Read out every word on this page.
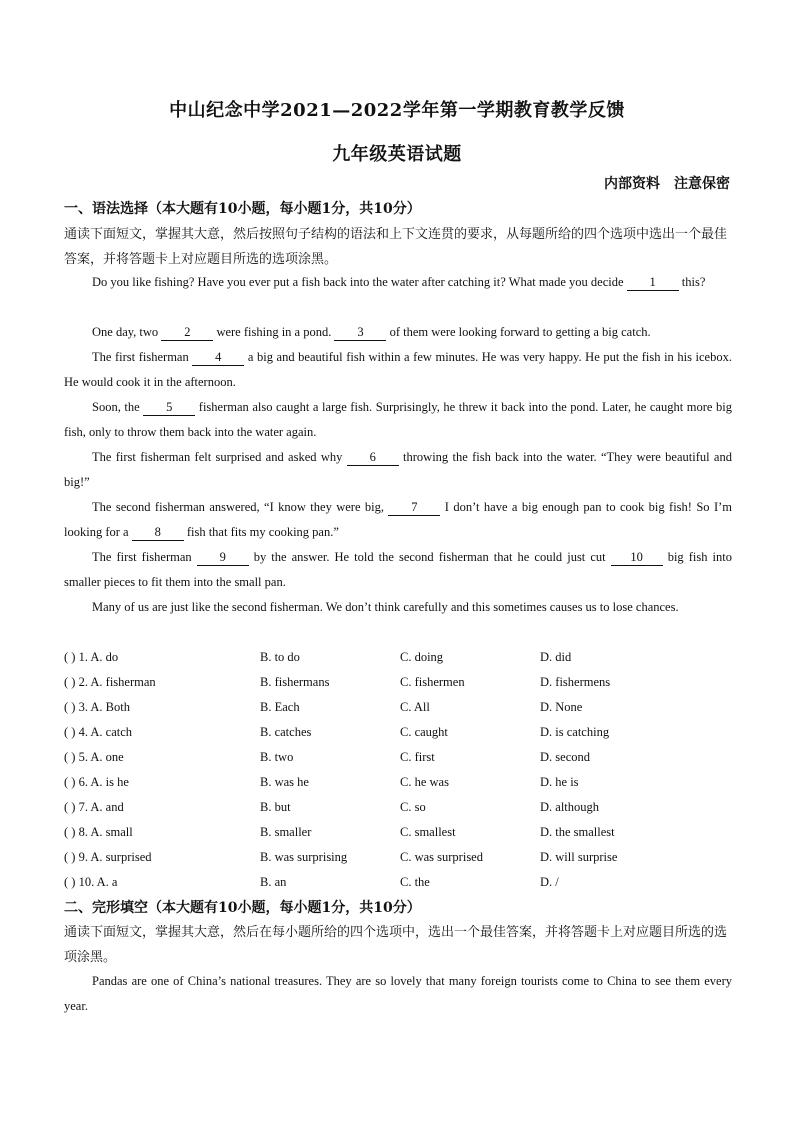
中山纪念中学2021—2022学年第一学期教育教学反馈
九年级英语试题
内部资料 注意保密
一、语法选择（本大题有10小题，每小题1分，共10分）
通读下面短文，掌握其大意，然后按照句子结构的语法和上下文连贯的要求，从每题所给的四个选项中选出一个最佳答案，并将答题卡上对应题目所选的选项涂黑。
Do you like fishing? Have you ever put a fish back into the water after catching it? What made you decide 1 this?
One day, two 2 were fishing in a pond. 3 of them were looking forward to getting a big catch.
The first fisherman 4 a big and beautiful fish within a few minutes. He was very happy. He put the fish in his icebox. He would cook it in the afternoon.
Soon, the 5 fisherman also caught a large fish. Surprisingly, he threw it back into the pond. Later, he caught more big fish, only to throw them back into the water again.
The first fisherman felt surprised and asked why 6 throwing the fish back into the water. “They were beautiful and big!”
The second fisherman answered, “I know they were big, 7 I don’t have a big enough pan to cook big fish! So I’m looking for a 8 fish that fits my cooking pan.”
The first fisherman 9 by the answer. He told the second fisherman that he could just cut 10 big fish into smaller pieces to fit them into the small pan.
Many of us are just like the second fisherman. We don’t think carefully and this sometimes causes us to lose chances.
( ) 1. A. do	B. to do	C. doing	D. did
( ) 2. A. fisherman	B. fishermans	C. fishermen	D. fishermens
( ) 3. A. Both	B. Each	C. All	D. None
( ) 4. A. catch	B. catches	C. caught	D. is catching
( ) 5. A. one	B. two	C. first	D. second
( ) 6. A. is he	B. was he	C. he was	D. he is
( ) 7. A. and	B. but	C. so	D. although
( ) 8. A. small	B. smaller	C. smallest	D. the smallest
( ) 9. A. surprised	B. was surprising	C. was surprised	D. will surprise
( ) 10. A. a	B. an	C. the	D. /
二、完形填空（本大题有10小题，每小题1分，共10分）
通读下面短文，掌握其大意，然后在每小题所给的四个选项中，选出一个最佳答案，并将答题卡上对应题目所选的选项涂黑。
Pandas are one of China’s national treasures. They are so lovely that many foreign tourists come to China to see them every year.
